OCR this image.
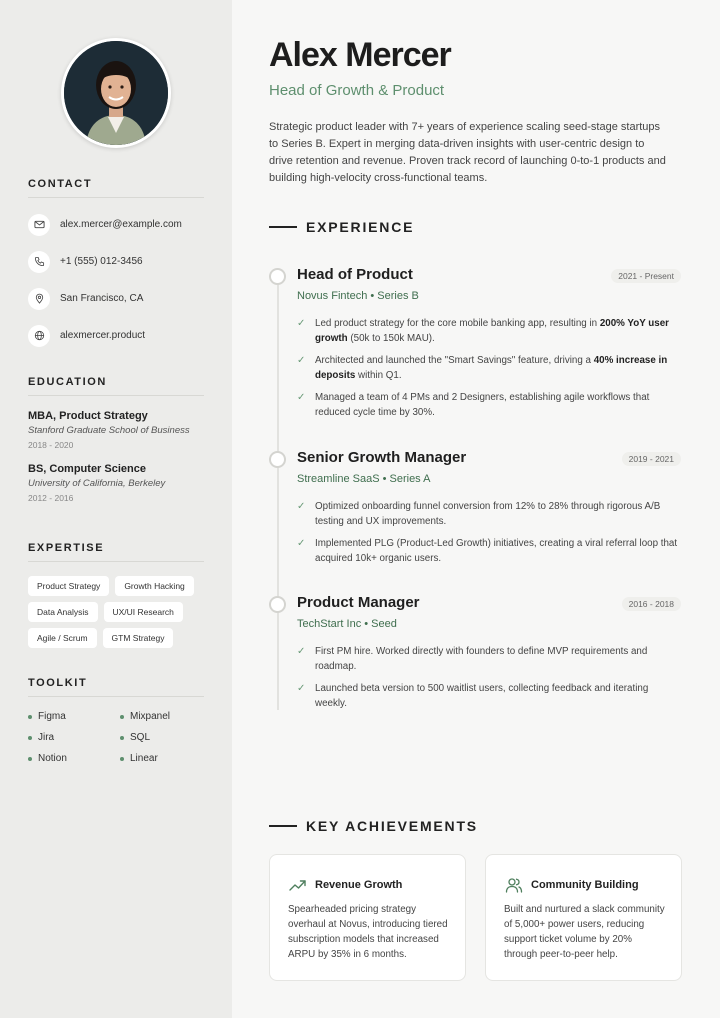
CONTACT
alex.mercer@example.com
+1 (555) 012-3456
San Francisco, CA
alexmercer.product
EDUCATION
MBA, Product Strategy
Stanford Graduate School of Business
2018 - 2020
BS, Computer Science
University of California, Berkeley
2012 - 2016
EXPERTISE
Product Strategy	Growth Hacking
Data Analysis	UX/UI Research
Agile / Scrum	GTM Strategy
TOOLKIT
Figma	Mixpanel
Jira	SQL
Notion	Linear
Alex Mercer
Head of Growth & Product
Strategic product leader with 7+ years of experience scaling seed-stage startups to Series B. Expert in merging data-driven insights with user-centric design to drive retention and revenue. Proven track record of launching 0-to-1 products and building high-velocity cross-functional teams.
EXPERIENCE
Head of Product	2021 - Present
Novus Fintech • Series B
✓ Led product strategy for the core mobile banking app, resulting in 200% YoY user growth (50k to 150k MAU).
✓ Architected and launched the "Smart Savings" feature, driving a 40% increase in deposits within Q1.
✓ Managed a team of 4 PMs and 2 Designers, establishing agile workflows that reduced cycle time by 30%.
Senior Growth Manager	2019 - 2021
Streamline SaaS • Series A
✓ Optimized onboarding funnel conversion from 12% to 28% through rigorous A/B testing and UX improvements.
✓ Implemented PLG (Product-Led Growth) initiatives, creating a viral referral loop that acquired 10k+ organic users.
Product Manager	2016 - 2018
TechStart Inc • Seed
✓ First PM hire. Worked directly with founders to define MVP requirements and roadmap.
✓ Launched beta version to 500 waitlist users, collecting feedback and iterating weekly.
KEY ACHIEVEMENTS
Revenue Growth
Spearheaded pricing strategy overhaul at Novus, introducing tiered subscription models that increased ARPU by 35% in 6 months.
Community Building
Built and nurtured a slack community of 5,000+ power users, reducing support ticket volume by 20% through peer-to-peer help.
